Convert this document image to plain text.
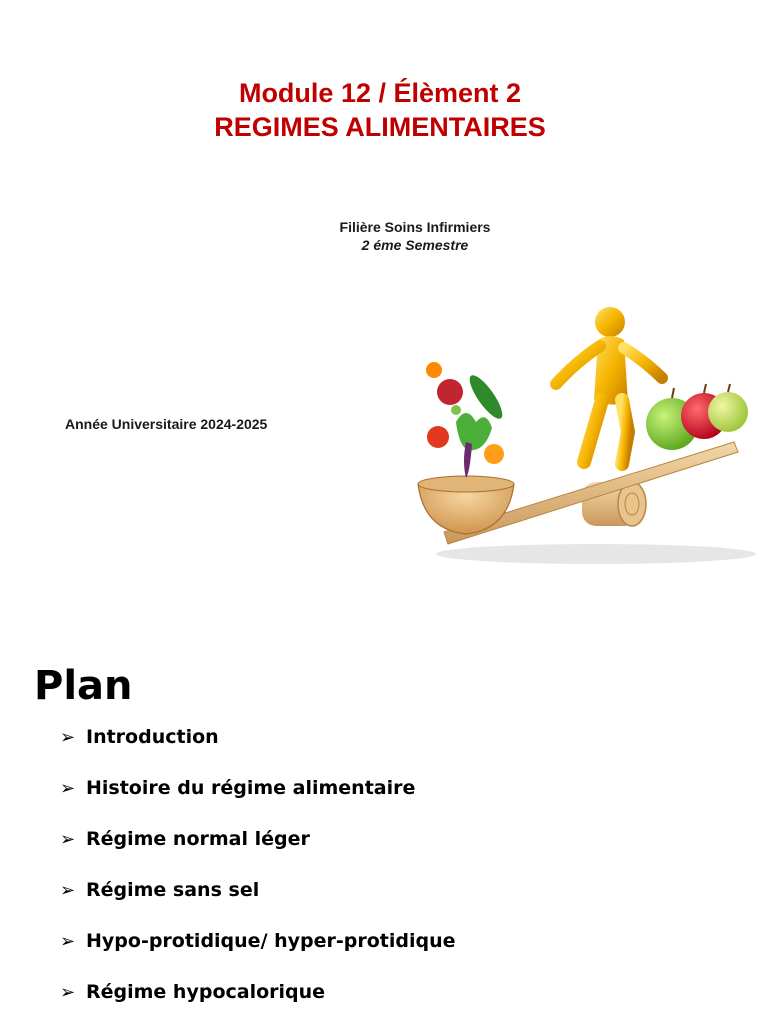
Module 12 / Élèment 2
REGIMES ALIMENTAIRES
Filière Soins Infirmiers
2 éme Semestre
Année Universitaire 2024-2025
Plan
➢ Introduction
➢ Histoire du régime alimentaire
➢ Régime normal léger
➢ Régime sans sel
➢ Hypo-protidique/ hyper-protidique
➢ Régime hypocalorique
